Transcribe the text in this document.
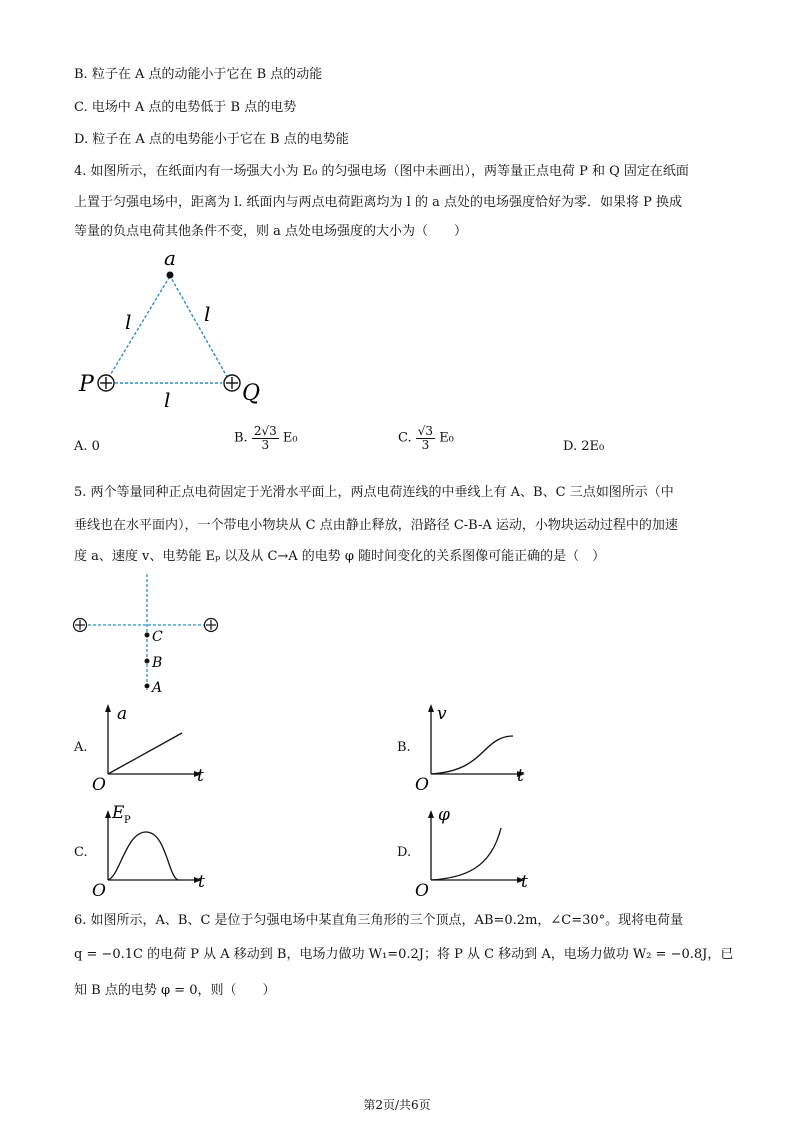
B. 粒子在 A 点的动能小于它在 B 点的动能
C. 电场中 A 点的电势低于 B 点的电势
D. 粒子在 A 点的电势能小于它在 B 点的电势能
4. 如图所示，在纸面内有一场强大小为 E₀ 的匀强电场（图中未画出），两等量正点电荷 P 和 Q 固定在纸面
上置于匀强电场中，距离为 l. 纸面内与两点电荷距离均为 l 的 a 点处的电场强度恰好为零．如果将 P 换成
等量的负点电荷其他条件不变，则 a 点处电场强度的大小为（　　）
a
l	l
l
P	Q
A. 0
B. $\frac{2√3}{3} E_0$	C. $\frac{√3}{3} E_0$
D. 2E₀
5. 两个等量同种正点电荷固定于光滑水平面上，两点电荷连线的中垂线上有 A、B、C 三点如图所示（中
垂线也在水平面内），一个带电小物块从 C 点由静止释放，沿路径 C-B-A 运动，小物块运动过程中的加速
度 a、速度 v、电势能 Eₚ 以及从 C→A 的电势 φ 随时间变化的关系图像可能正确的是（　）
C
B
A
A.
a
t
O
B.
v
t
O
C.
E P
t
O
D.
φ
t
O
6. 如图所示，A、B、C 是位于匀强电场中某直角三角形的三个顶点，AB=0.2m，∠C=30°。现将电荷量
q = −0.1C 的电荷 P 从 A 移动到 B，电场力做功 W₁=0.2J；将 P 从 C 移动到 A，电场力做功 W₂ = −0.8J，已
知 B 点的电势 φ = 0，则（　　）
第2页/共6页
